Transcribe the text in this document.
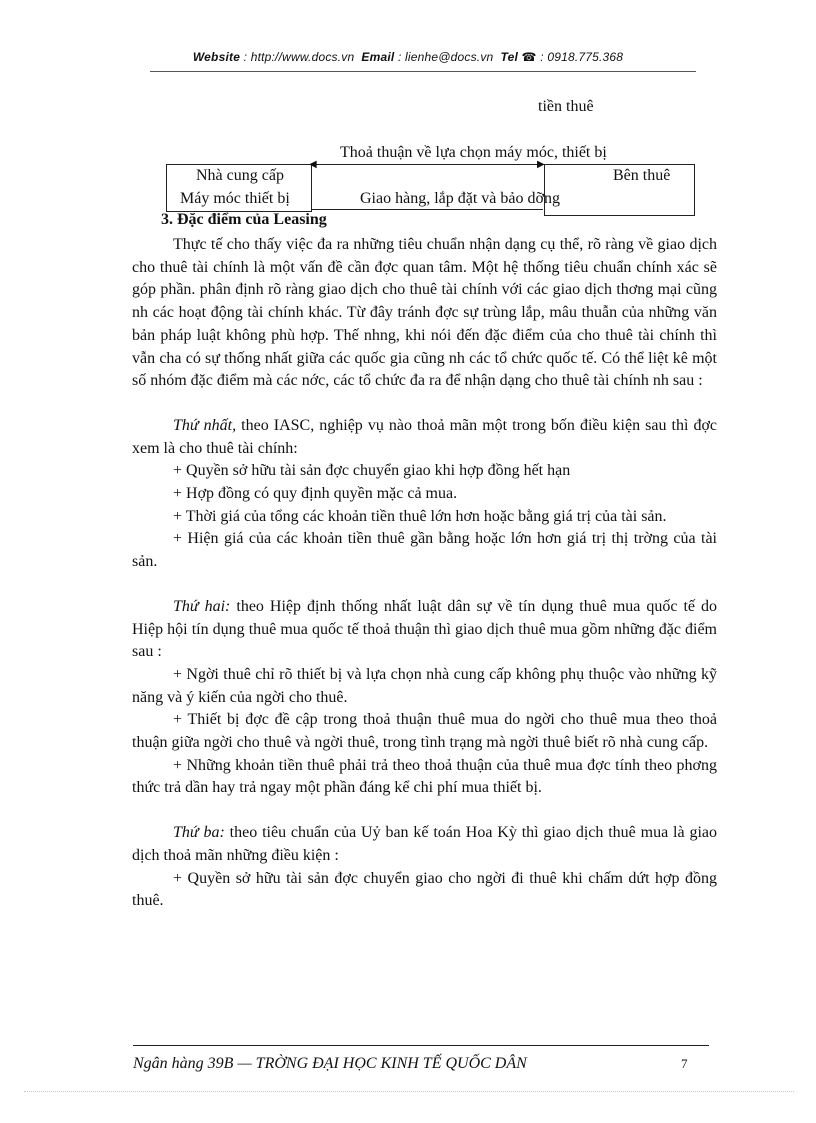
Website : http://www.docs.vn Email : lienhe@docs.vn Tel ☎ : 0918.775.368
tiền thuê
Thoả thuận về lựa chọn máy móc, thiết bị
◀	▶
Nhà cung cấp
Máy móc thiết bị
Bên thuê
Giao hàng, lắp đặt và bảo dỡng
3. Đặc điểm của Leasing

Thực tế cho thấy việc đa ra những tiêu chuẩn nhận dạng cụ thể, rõ ràng về giao dịch cho thuê tài chính là một vấn đề cần đợc quan tâm. Một hệ thống tiêu chuẩn chính xác sẽ góp phần. phân định rõ ràng giao dịch cho thuê tài chính với các giao dịch thơng mại cũng nh các hoạt động tài chính khác. Từ đây tránh đợc sự trùng lắp, mâu thuẫn của những văn bản pháp luật không phù hợp. Thế nhng, khi nói đến đặc điểm của cho thuê tài chính thì vẫn cha có sự thống nhất giữa các quốc gia cũng nh các tổ chức quốc tế. Có thể liệt kê một số nhóm đặc điểm mà các nớc, các tổ chức đa ra để nhận dạng cho thuê tài chính nh sau :

Thứ nhất, theo IASC, nghiệp vụ nào thoả mãn một trong bốn điều kiện sau thì đợc xem là cho thuê tài chính:

+ Quyền sở hữu tài sản đợc chuyển giao khi hợp đồng hết hạn

+ Hợp đồng có quy định quyền mặc cả mua.

+ Thời giá của tổng các khoản tiền thuê lớn hơn hoặc bằng giá trị của tài sản.

+ Hiện giá của các khoản tiền thuê gần bằng hoặc lớn hơn giá trị thị trờng của tài sản.

Thứ hai: theo Hiệp định thống nhất luật dân sự về tín dụng thuê mua quốc tế do Hiệp hội tín dụng thuê mua quốc tế thoả thuận thì giao dịch thuê mua gồm những đặc điểm sau :

+ Ngời thuê chỉ rõ thiết bị và lựa chọn nhà cung cấp không phụ thuộc vào những kỹ năng và ý kiến của ngời cho thuê.

+ Thiết bị đợc đề cập trong thoả thuận thuê mua do ngời cho thuê mua theo thoả thuận giữa ngời cho thuê và ngời thuê, trong tình trạng mà ngời thuê biết rõ nhà cung cấp.

+ Những khoản tiền thuê phải trả theo thoả thuận của thuê mua đợc tính theo phơng thức trả dần hay trả ngay một phần đáng kể chi phí mua thiết bị.

Thứ ba: theo tiêu chuẩn của Uỷ ban kế toán Hoa Kỳ thì giao dịch thuê mua là giao dịch thoả mãn những điều kiện :

+ Quyền sở hữu tài sản đợc chuyển giao cho ngời đi thuê khi chấm dứt hợp đồng thuê.

Ngân hàng 39B — TRỜNG ĐẠI HỌC KINH TẾ QUỐC DÂN	7
